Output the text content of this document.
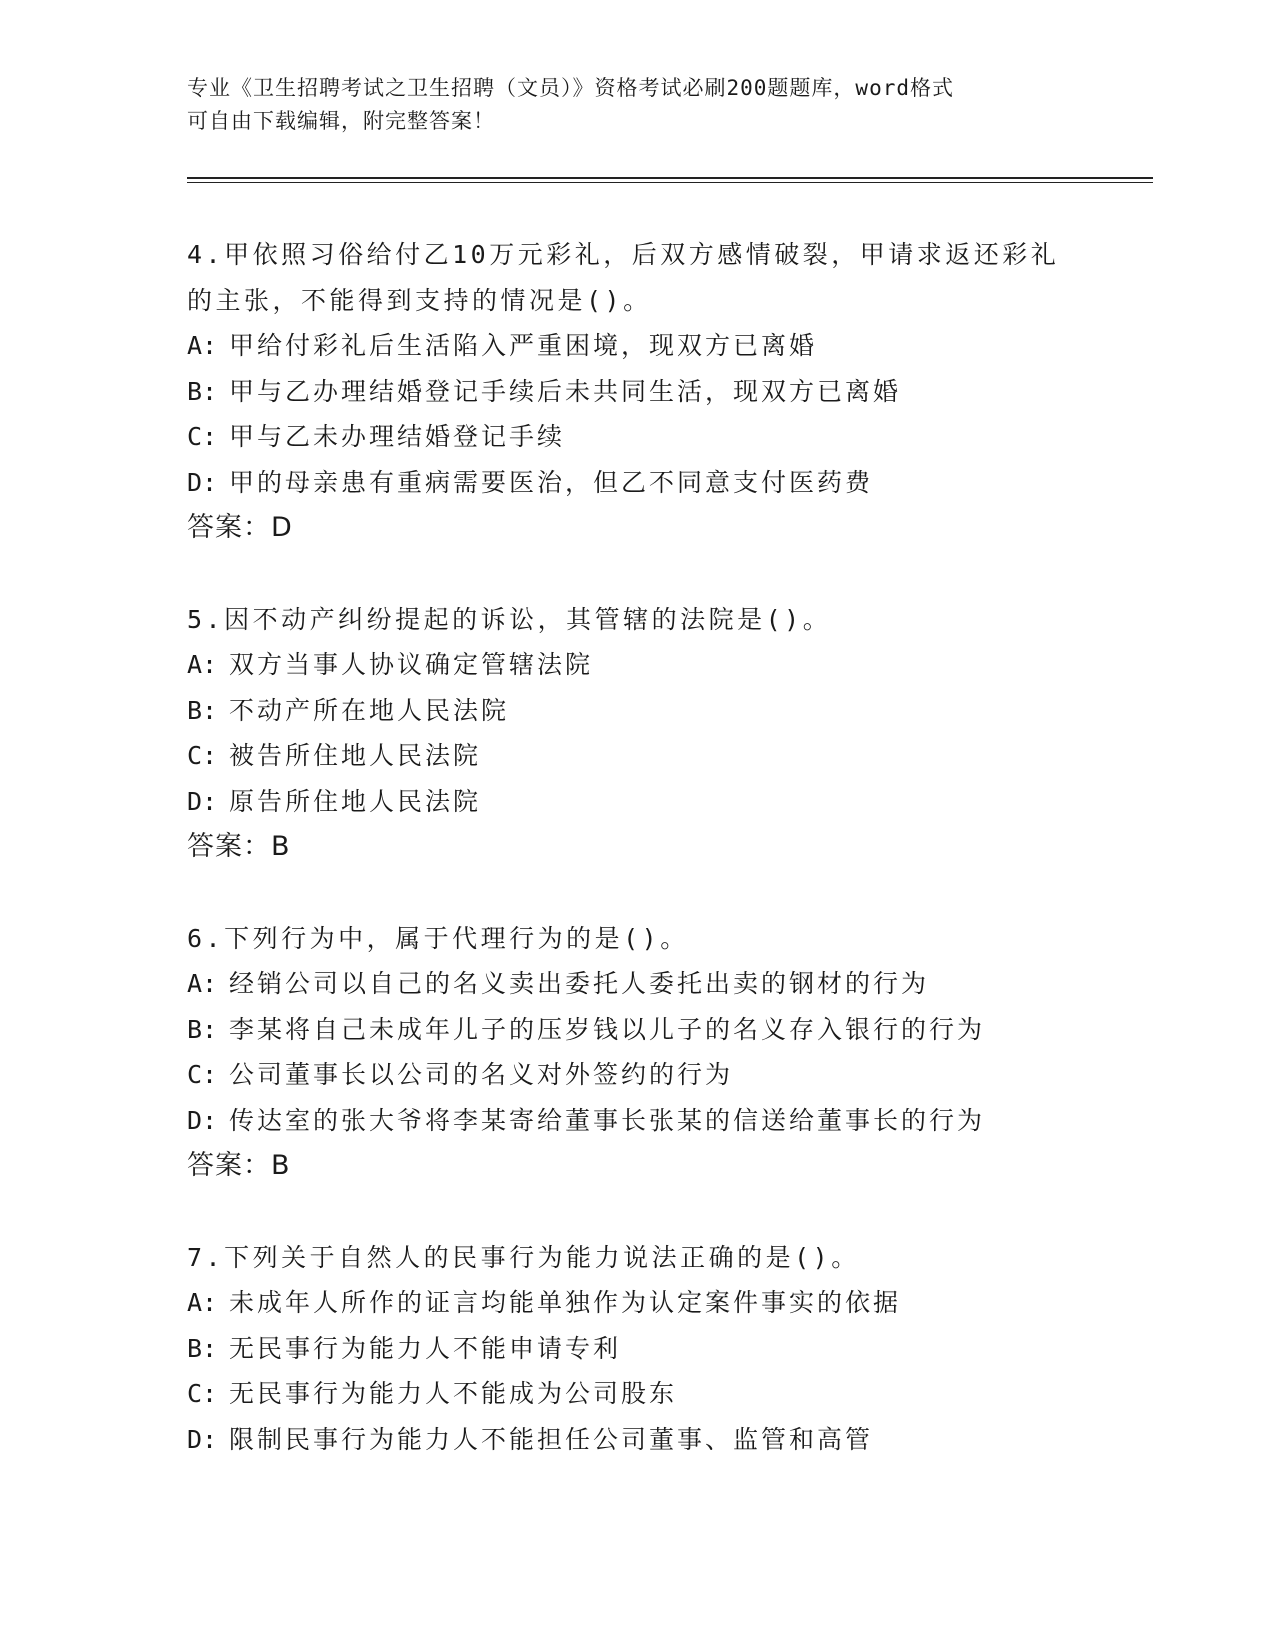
专业《卫生招聘考试之卫生招聘（文员）》资格考试必刷200题题库，word格式
可自由下载编辑，附完整答案！
4.甲依照习俗给付乙10万元彩礼，后双方感情破裂，甲请求返还彩礼
的主张，不能得到支持的情况是()。
A: 甲给付彩礼后生活陷入严重困境，现双方已离婚
B: 甲与乙办理结婚登记手续后未共同生活，现双方已离婚
C: 甲与乙未办理结婚登记手续
D: 甲的母亲患有重病需要医治，但乙不同意支付医药费
答案：D
5.因不动产纠纷提起的诉讼，其管辖的法院是()。
A: 双方当事人协议确定管辖法院
B: 不动产所在地人民法院
C: 被告所住地人民法院
D: 原告所住地人民法院
答案：B
6.下列行为中，属于代理行为的是()。
A: 经销公司以自己的名义卖出委托人委托出卖的钢材的行为
B: 李某将自己未成年儿子的压岁钱以儿子的名义存入银行的行为
C: 公司董事长以公司的名义对外签约的行为
D: 传达室的张大爷将李某寄给董事长张某的信送给董事长的行为
答案：B
7.下列关于自然人的民事行为能力说法正确的是()。
A: 未成年人所作的证言均能单独作为认定案件事实的依据
B: 无民事行为能力人不能申请专利
C: 无民事行为能力人不能成为公司股东
D: 限制民事行为能力人不能担任公司董事、监管和高管
